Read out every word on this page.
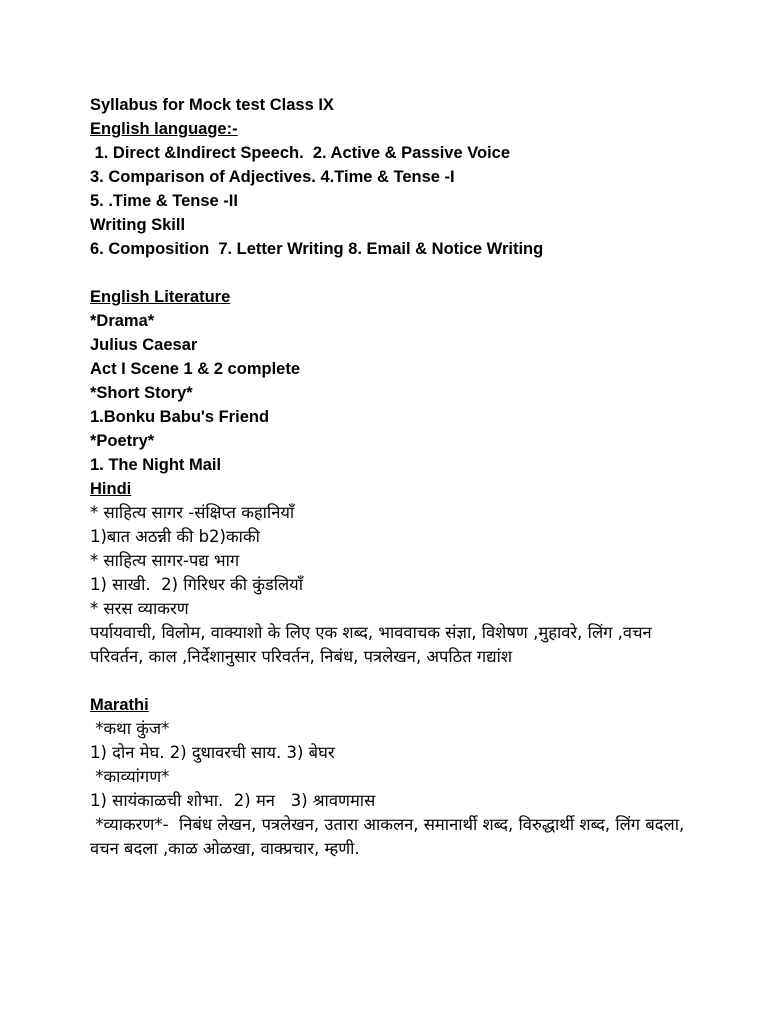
Syllabus for Mock test Class IX
English language:-
1. Direct &Indirect Speech.  2. Active & Passive Voice
3. Comparison of Adjectives. 4.Time & Tense -I
5. .Time & Tense -II
Writing Skill
6. Composition  7. Letter Writing 8. Email & Notice Writing
English Literature
*Drama*
Julius Caesar
Act I Scene 1 & 2 complete
*Short Story*
1.Bonku Babu's Friend
*Poetry*
1. The Night Mail
Hindi
* साहित्य सागर -संक्षिप्त कहानियाँ
1)बात अठन्नी की b2)काकी
* साहित्य सागर-पद्य भाग
1) साखी.  2) गिरिधर की कुंडलियाँ
* सरस व्याकरण
पर्यायवाची, विलोम, वाक्याशो के लिए एक शब्द, भाववाचक संज्ञा, विशेषण ,मुहावरे, लिंग ,वचन परिवर्तन, काल ,निर्देशानुसार परिवर्तन, निबंध, पत्रलेखन, अपठित गद्यांश
Marathi
*कथा कुंज*
1) दोन मेघ. 2) दुधावरची साय. 3) बेघर
*काव्यांगण*
1) सायंकाळची शोभा.  2) मन   3) श्रावणमास
*व्याकरण*-  निबंध लेखन, पत्रलेखन, उतारा आकलन, समानार्थी शब्द, विरुद्धार्थी शब्द, लिंग बदला, वचन बदला ,काळ ओळखा, वाक्प्रचार, म्हणी.
